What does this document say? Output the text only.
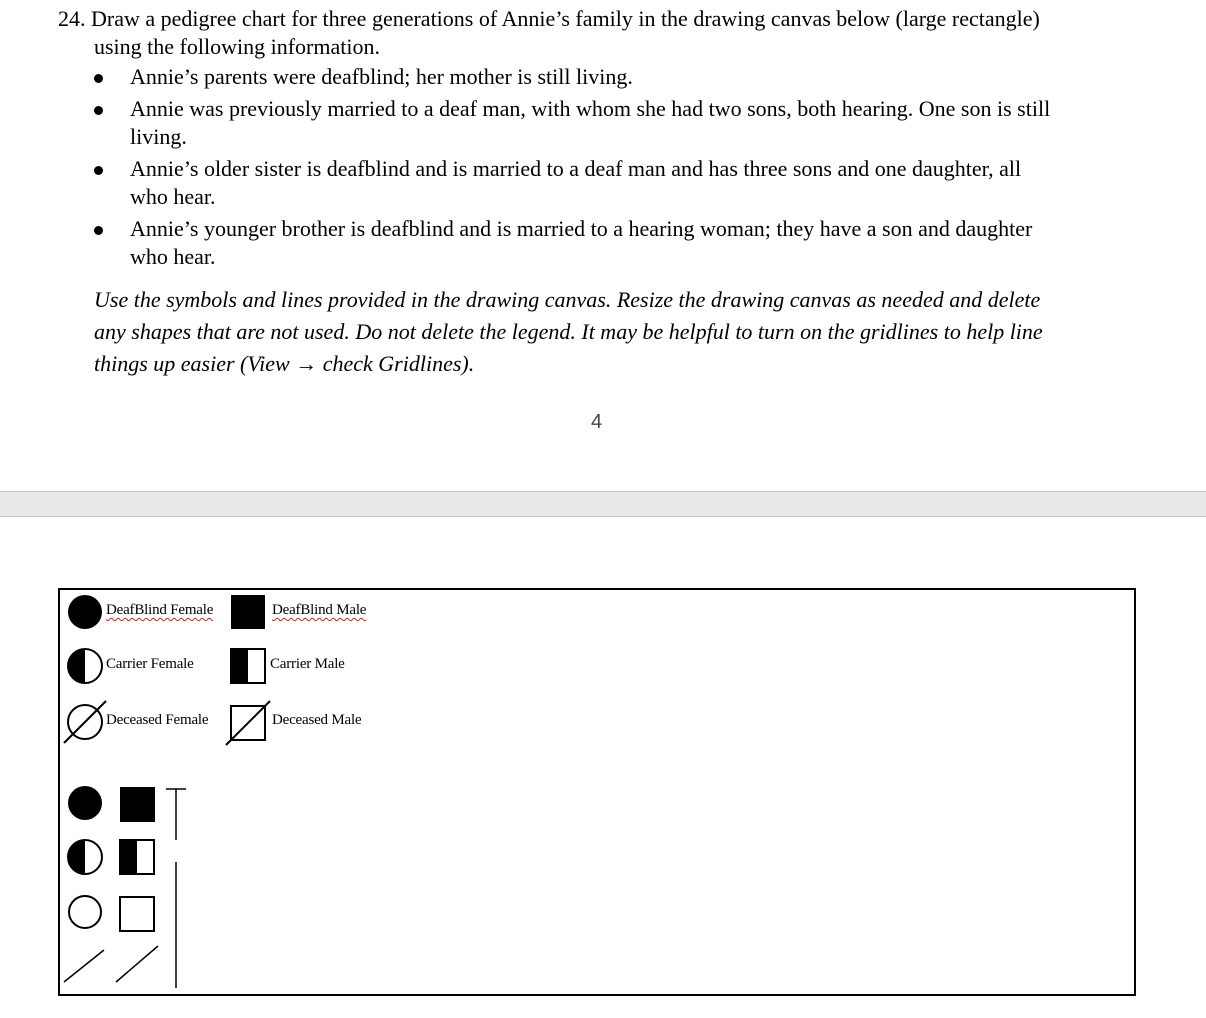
24. Draw a pedigree chart for three generations of Annie’s family in the drawing canvas below (large rectangle)
using the following information.
Annie’s parents were deafblind; her mother is still living.
Annie was previously married to a deaf man, with whom she had two sons, both hearing. One son is still
living.
Annie’s older sister is deafblind and is married to a deaf man and has three sons and one daughter, all
who hear.
Annie’s younger brother is deafblind and is married to a hearing woman; they have a son and daughter
who hear.
Use the symbols and lines provided in the drawing canvas. Resize the drawing canvas as needed and delete
any shapes that are not used. Do not delete the legend. It may be helpful to turn on the gridlines to help line
things up easier (View → check Gridlines).
4
DeafBlind Female	DeafBlind Male
Carrier Female	Carrier Male
Deceased Female	Deceased Male
